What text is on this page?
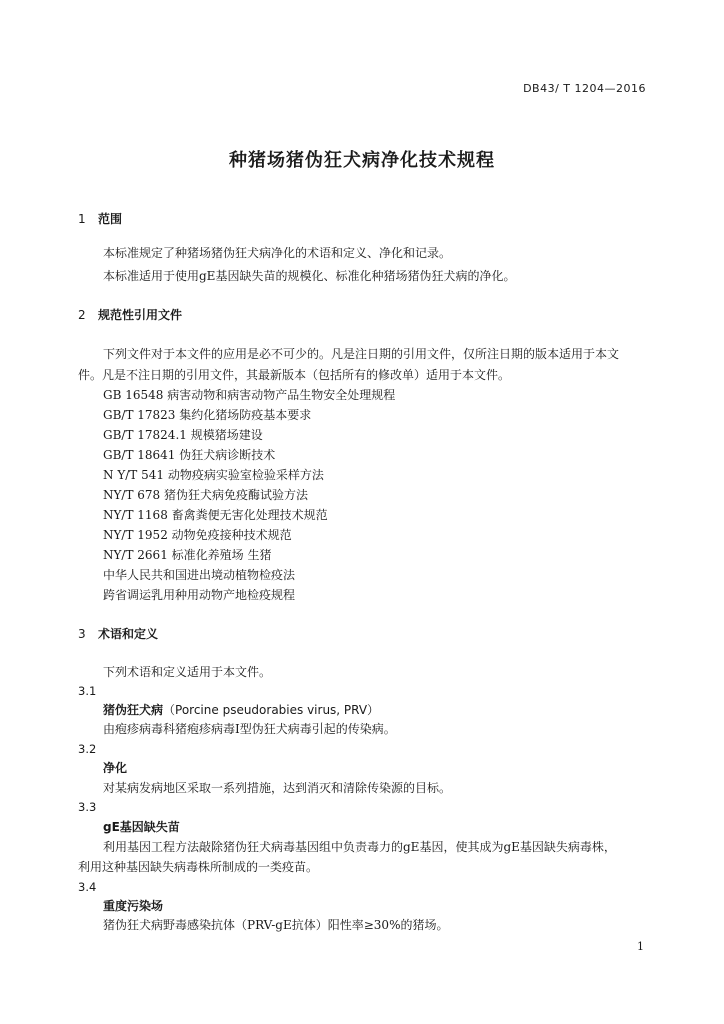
DB43/ T 1204—2016
种猪场猪伪狂犬病净化技术规程
1 范围
本标准规定了种猪场猪伪狂犬病净化的术语和定义、净化和记录。
本标准适用于使用gE基因缺失苗的规模化、标准化种猪场猪伪狂犬病的净化。
2 规范性引用文件
下列文件对于本文件的应用是必不可少的。凡是注日期的引用文件，仅所注日期的版本适用于本文
件。凡是不注日期的引用文件，其最新版本（包括所有的修改单）适用于本文件。
GB 16548 病害动物和病害动物产品生物安全处理规程
GB/T 17823 集约化猪场防疫基本要求
GB/T 17824.1 规模猪场建设
GB/T 18641 伪狂犬病诊断技术
N Y/T 541 动物疫病实验室检验采样方法
NY/T 678 猪伪狂犬病免疫酶试验方法
NY/T 1168 畜禽粪便无害化处理技术规范
NY/T 1952 动物免疫接种技术规范
NY/T 2661 标准化养殖场 生猪
中华人民共和国进出境动植物检疫法
跨省调运乳用种用动物产地检疫规程
3 术语和定义
下列术语和定义适用于本文件。
3.1
猪伪狂犬病（Porcine pseudorabies virus, PRV）
由疱疹病毒科猪疱疹病毒Ⅰ型伪狂犬病毒引起的传染病。
3.2
净化
对某病发病地区采取一系列措施，达到消灭和清除传染源的目标。
3.3
gE基因缺失苗
利用基因工程方法敲除猪伪狂犬病毒基因组中负责毒力的gE基因，使其成为gE基因缺失病毒株，
利用这种基因缺失病毒株所制成的一类疫苗。
3.4
重度污染场
猪伪狂犬病野毒感染抗体（PRV-gE抗体）阳性率≥30%的猪场。
1
